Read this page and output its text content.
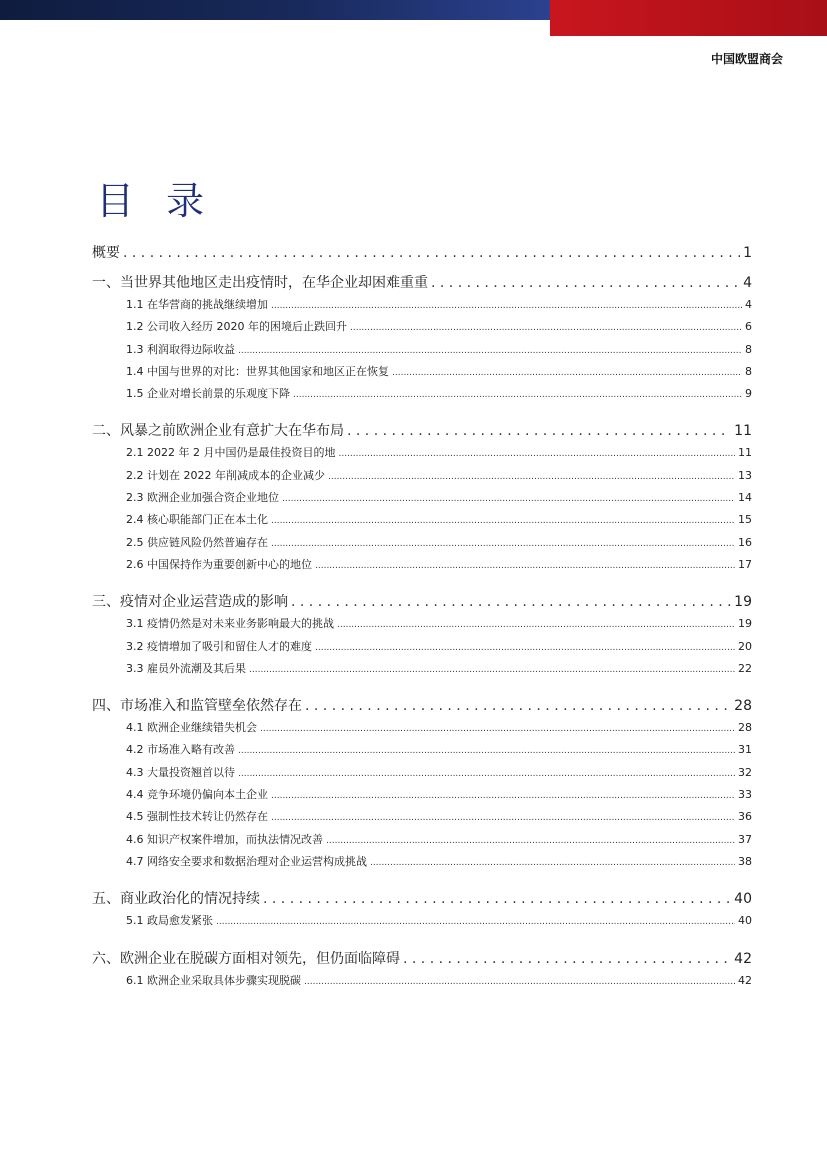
中国欧盟商会
目 录
概要 . . .	1
一、当世界其他地区走出疫情时，在华企业却困难重重 . . .	4
1.1 在华营商的挑战继续增加 .....	4
1.2 公司收入经历 2020 年的困境后止跌回升 .....	6
1.3 利润取得边际收益 .....	8
1.4 中国与世界的对比：世界其他国家和地区正在恢复 .....	8
1.5 企业对增长前景的乐观度下降 .....	9
二、风暴之前欧洲企业有意扩大在华布局 . . .	11
2.1 2022 年 2 月中国仍是最佳投资目的地 .....	11
2.2 计划在 2022 年削减成本的企业减少 .....	13
2.3 欧洲企业加强合资企业地位 .....	14
2.4 核心职能部门正在本土化 .....	15
2.5 供应链风险仍然普遍存在 .....	16
2.6 中国保持作为重要创新中心的地位 .....	17
三、疫情对企业运营造成的影响 . . .	19
3.1 疫情仍然是对未来业务影响最大的挑战 .....	19
3.2 疫情增加了吸引和留住人才的难度 .....	20
3.3 雇员外流潮及其后果 .....	22
四、市场准入和监管壁垒依然存在 . . .	28
4.1 欧洲企业继续错失机会 .....	28
4.2 市场准入略有改善 .....	31
4.3 大量投资翘首以待 .....	32
4.4 竞争环境仍偏向本土企业 .....	33
4.5 强制性技术转让仍然存在 .....	36
4.6 知识产权案件增加，而执法情况改善 .....	37
4.7 网络安全要求和数据治理对企业运营构成挑战 .....	38
五、商业政治化的情况持续 . . .	40
5.1 政局愈发紧张 .....	40
六、欧洲企业在脱碳方面相对领先，但仍面临障碍 . . .	42
6.1 欧洲企业采取具体步骤实现脱碳 .....	42
